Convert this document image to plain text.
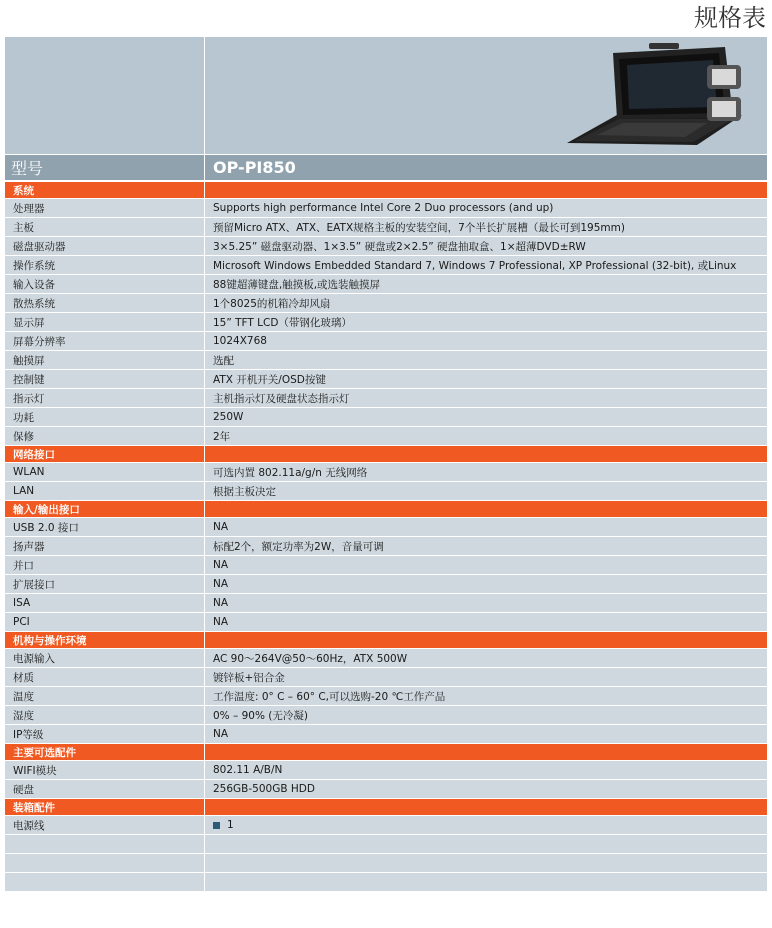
规格表
型号	OP-PI850
系统
处理器	Supports high performance Intel Core 2 Duo processors (and up)
主板	预留Micro ATX、ATX、EATX规格主板的安装空间，7个半长扩展槽（最长可到195mm)
磁盘驱动器	3×5.25” 磁盘驱动器、1×3.5” 硬盘或2×2.5” 硬盘抽取盒、1×超薄DVD±RW
操作系统	Microsoft Windows Embedded Standard 7, Windows 7 Professional, XP Professional (32-bit), 或Linux
输入设备	88键超薄键盘,触摸板,或选装触摸屏
散热系统	1个8025的机箱冷却风扇
显示屏	15” TFT LCD（带钢化玻璃）
屏幕分辨率	1024X768
触摸屏	选配
控制键	ATX 开机开关/OSD按键
指示灯	主机指示灯及硬盘状态指示灯
功耗	250W
保修	2年
网络接口
WLAN	可选内置 802.11a/g/n 无线网络
LAN	根据主板决定
输入/输出接口
USB 2.0 接口	NA
扬声器	标配2个，额定功率为2W，音量可调
并口	NA
扩展接口	NA
ISA	NA
PCI	NA
机构与操作环境
电源输入	AC 90～264V@50～60Hz，ATX 500W
材质	镀锌板+铝合金
温度	工作温度: 0° C – 60° C,可以选购-20 ℃工作产品
湿度	0% – 90% (无冷凝)
IP等级	NA
主要可选配件
WIFI模块	802.11 A/B/N
硬盘	256GB-500GB HDD
装箱配件
电源线	1
